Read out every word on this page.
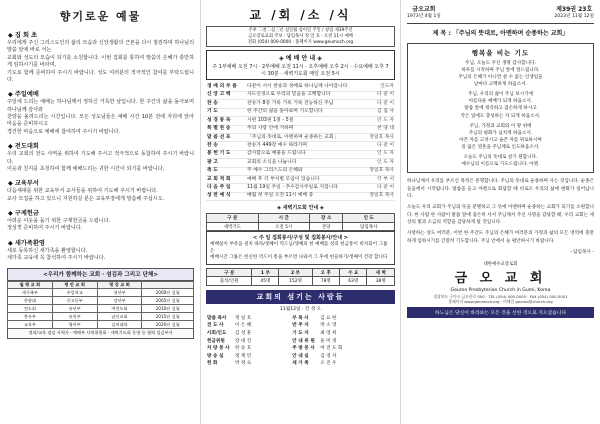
향기로운 예물
◆ 집 회 초
우리에게 주신 그리스도인의 삶의 모습과 신앙생활의 근본을 다시 점검하며 하나님의 말씀 앞에 바로 서는
교회와 성도의 모습이 되기를 소원합니다. 이번 집회를 통하여 말씀의 은혜가 충만하게 임하시기를 바라며,
기도로 함께 준비하여 주시기 바랍니다. 성도 여러분의 적극적인 참여를 부탁드립니다.
◆ 주일예배
주일에 드리는 예배는 하나님께서 정하신 거룩한 날입니다. 한 주간의 삶을 돌아보며 하나님께 감사와
찬양을 올려드리는 시간입니다. 모든 성도님들은 예배 시간 10분 전에 자리에 앉아 마음을 준비하시고
경건한 마음으로 예배에 참여하여 주시기 바랍니다.
◆ 전도대회
우리 교회의 전도 사역을 위하여 기도해 주시고 적극적으로 동참하여 주시기 바랍니다.
이웃과 친지를 초청하여 함께 예배드리는 귀한 시간이 되기를 바랍니다.
◆ 교육부서
다음세대를 위한 교육부서 교사들을 위하여 기도해 주시기 바랍니다.
교사 모집을 하고 있으니 지원하실 분은 교육부장에게 말씀해 주십시오.
◆ 구제헌금
어려운 이웃을 돕기 위한 구제헌금을 드립니다.
정성껏 준비하여 주시기 바랍니다.
◆ 새가족환영
새로 등록하신 새가족을 환영합니다.
새가족 교육에 꼭 참석하여 주시기 바랍니다.
<우리가 함께하는 교회 · 섬김과 그리고 단체>
월 평 교 회	평 안 교 회	평 강 교 회	
새가족부	주일학교	청년부	2000년 설립
찬양대	중고등부	장년부	2005년 설립
전도회	유년부	여전도회	2010년 설립
봉사부	유치부	남선교회	2015년 설립
교육부	영아부	실버대학	2020년 설립
정리/교육 겸임 사역자 · 예배부 사역위원회 · 새벽기도회 운영 등 협력 섬김부서
교 /회 /소 /식
주후 二천二십三년 십일월 십이일 주일 / 창립 제39주년
금오장로교회 주보 · 담임목사 정 일 호 · 오전 11시 예배
전화 (054) 000-0000 · 홈페이지 www.geumoch.org
◈ 예 배 안 내 ◈
주 1부예배 오전 7시 · 2부예배 오전 11시 · 오후예배 오후 2시 · 수요예배 오후 7시 30분 · 새벽기도회 매일 오전 5시
경 배 의 부 름	다같이 서서 찬송과 경배로 하나님께 나아갑니다	인도자
신 앙 고 백	사도신경으로 우리의 믿음을 고백합니다	다 같 이
찬 송	찬송가 8장 거룩 거룩 거룩 전능하신 주님	다 같 이
기 도	한 주간의 삶을 돌아보며 기도합니다	김 집 사
성 경 봉 독	시편 103편 1절 - 5절	인 도 자
특 별 찬 송	주의 사랑 안에 거하며	찬 양 대
말 씀 선 포	「주님의 뜻대로, 아멘하며 순종하는 교회」	정일호 목사
찬 송	찬송가 449장 예수 따라가며	다 같 이
봉 헌 기 도	감사함으로 예물을 드립니다	인 도 자
광 고	교회의 소식을 나눕니다	인 도 자
축 도	주 예수 그리스도의 은혜와	정일호 목사
교 회 적 회	예배 후 각 부서별 모임이 있습니다	각 부 서
다 음 주 일	11월 19일 주일 · 추수감사주일로 지킵니다	다 같 이
성 찬 예 식	매월 첫 주일 오전 11시 예배 중	정일호 목사
◈ 새벽기도회 안내 ◈
구 분	시 간	장 소	인 도
새벽기도	오전 5시	본당	담임목사
< 주 일 집회봉사/구성 및 집회봉사/안내 >
예배실이 부족을 설치 따라/셋째이 역드님/셋째의 헌 예배를 성의 헌금통이 비치되어 그룹은
예배시간 그룹은 헌신한 역드이 통을 부르면 나와서 그 후에 헌들하기/셋째이 건강 합니다
구 분	1 부	2 부	오 후	수 요	새 벽
출석/인원	45명	152명	78명	63명	38명
교회의 섬기는 사람들
11월12일 · 건 성 오
말씀 목사	정 일 호	부 목 사	김 요 한
전 도 사	이 은 혜	반 주 자	박 소 영
사회/인도	김 성 훈	기 도 자	최 영 희
헌금위원	장 대 진	안 내 위 원	윤 미 경
차 량 봉 사	한 승 호	주 방 봉 사	여 전 도 회
방 송 실	정 재 민	안 내 실	김 영 자
헌 화	박 정 숙	새 가 족	오 진 우
금오교회
1973년 4월 1일
제39권 23호
2023년 11월 12일
제 목 : 「주님의 뜻대로, 아멘하며 순종하는 교회」
행복을 비는 기도
주님, 오늘도 주신 생명 감사합니다.
하루를 시작하며 주님 앞에 엎드립니다.
주님의 은혜가 아니면 살 수 없는 인생임을
날마다 고백하게 하옵소서.
주님, 우리의 삶이 주님 보시기에
아름다운 예배가 되게 하옵소서.
말씀 앞에 정직하고 겸손하게 하시고
작은 일에도 충성하는 자 되게 하옵소서.
주님, 가정과 교회와 이 땅 위에
주님의 평화가 넘치게 하옵소서.
아픈 자를 고치시고 슬픈 자를 위로하시며
길 잃은 영혼을 주님께로 인도하옵소서.
오늘도 주님의 뜻대로 살기 원합니다.
예수님의 이름으로 기도드립니다. 아멘.
하나님께서 우리를 부르신 목적은 분명합니다. 주님의 뜻대로 순종하며 사는 것입니다. 순종은 들음에서 시작됩니다. 말씀을 듣고 아멘으로 화답할 때 비로소 우리의 삶에 변화가 일어납니다.
오늘도 우리 교회가 주님의 뜻을 분별하고 그 뜻에 아멘하며 순종하는 교회가 되기를 소원합니다. 한 사람 한 사람이 말씀 앞에 겸손히 서서 주님께서 주신 사명을 감당할 때, 우리 교회는 세상의 빛과 소금의 역할을 감당하게 될 것입니다.
사랑하는 성도 여러분, 이번 한 주간도 주님의 은혜가 여러분의 가정과 삶의 모든 영역에 충만하게 임하시기를 간절히 기도합니다. 주님 안에서 늘 평안하시기 바랍니다.
- 담임목사 -
대한예수교장로회
금 오 교 회
Geumo Presbyterian Church in Gumi, Korea
경상북도 구미시 금오산로 000 · TEL (054) 000-0000 · FAX (054) 000-0001
홈페이지 www.geumoch.org · 이메일 geumo@church.org
하느님은 당신이 바라보는 모든 것을 선한 것으로 지으셨습니다
